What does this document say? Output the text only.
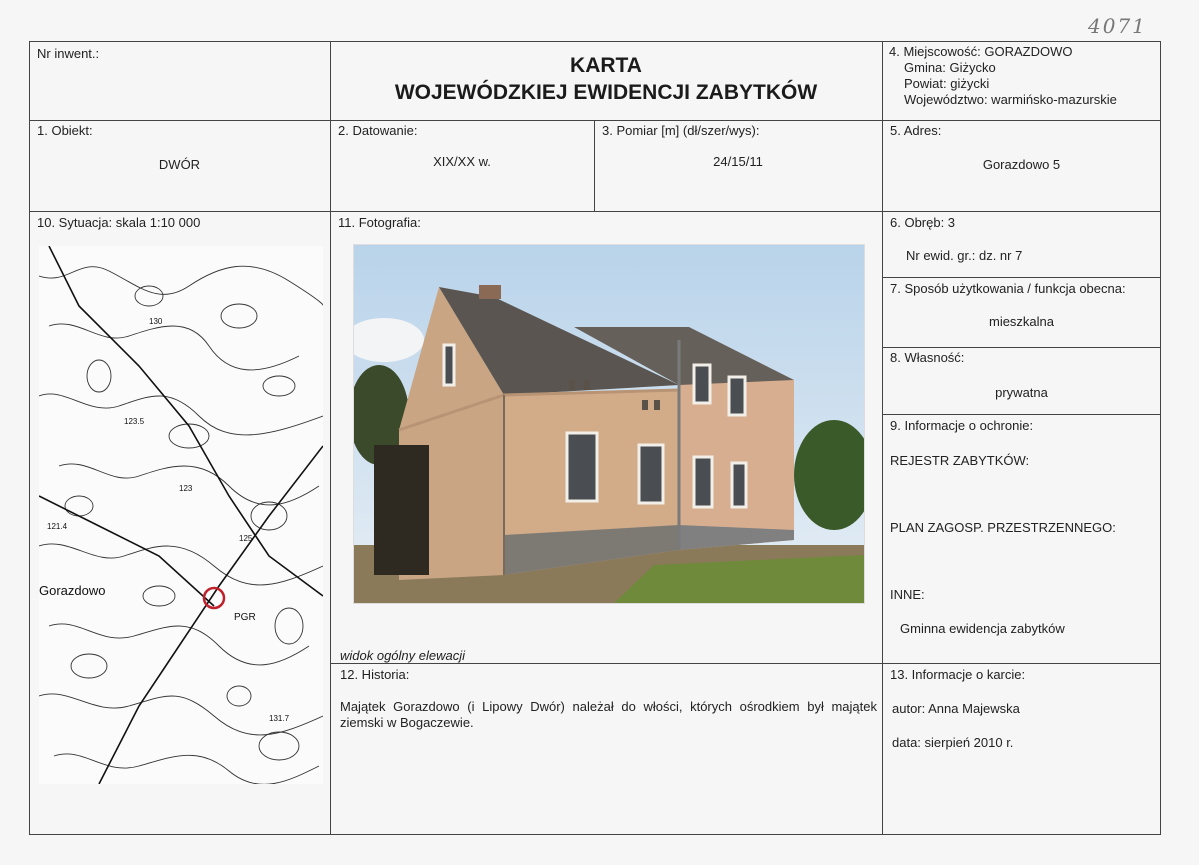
4071
Nr inwent.:
KARTA
WOJEWÓDZKIEJ EWIDENCJI ZABYTKÓW
4. Miejscowość: GORAZDOWO
Gmina: Giżycko
Powiat: giżycki
Województwo: warmińsko-mazurskie
1. Obiekt:
DWÓR
2. Datowanie:
XIX/XX w.
3. Pomiar [m] (dł/szer/wys):
24/15/11
5. Adres:
Gorazdowo 5
10. Sytuacja: skala 1:10 000
Gorazdowo
PGR
130
123.5
123
121.4
125
131.7
11. Fotografia:
widok ogólny elewacji
6. Obręb: 3
Nr ewid. gr.: dz. nr 7
7. Sposób użytkowania / funkcja obecna:
mieszkalna
8. Własność:
prywatna
9. Informacje o ochronie:
REJESTR ZABYTKÓW:
PLAN ZAGOSP. PRZESTRZENNEGO:
INNE:
Gminna ewidencja zabytków
12. Historia:
Majątek Gorazdowo (i Lipowy Dwór) należał do włości, których ośrodkiem był majątek ziemski w Bogaczewie.
13. Informacje o karcie:
autor: Anna Majewska
data: sierpień 2010 r.
